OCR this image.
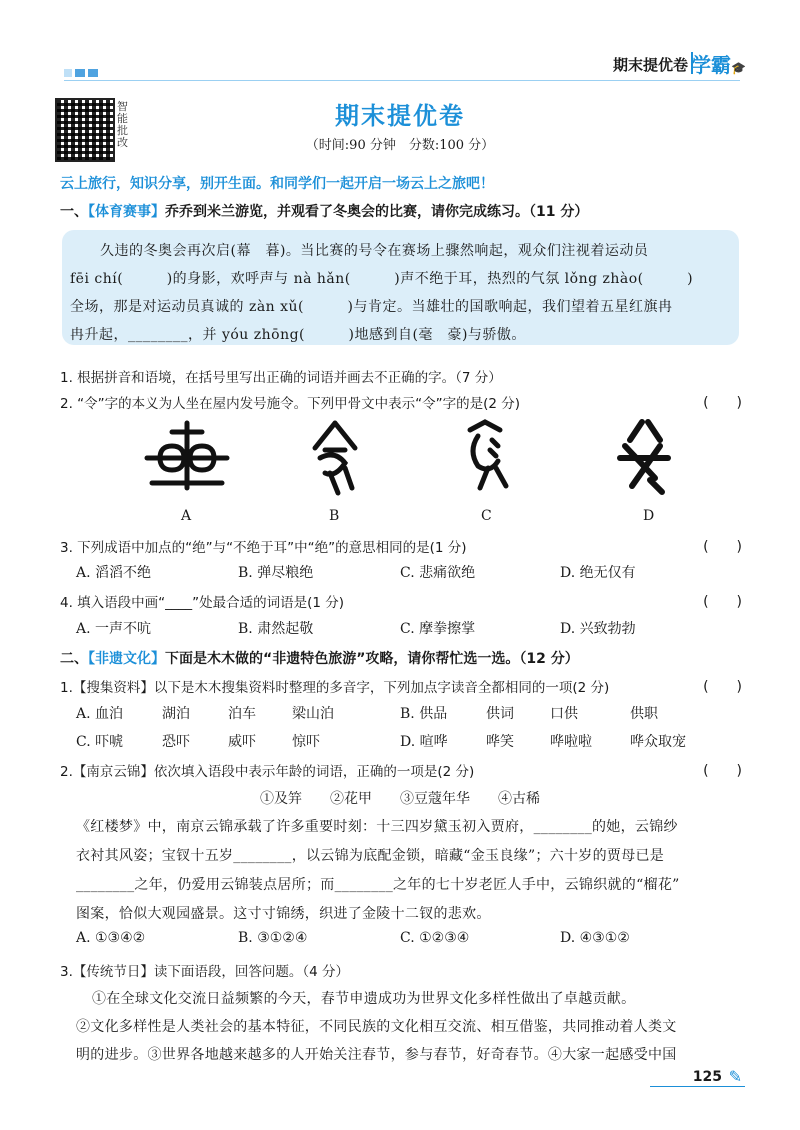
期末提优卷 学霸🎓
智能批改
期末提优卷
（时间:90 分钟　分数:100 分）
云上旅行，知识分享，别开生面。和同学们一起开启一场云上之旅吧！
一、【体育赛事】乔乔到米兰游览，并观看了冬奥会的比赛，请你完成练习。（11 分）
久违的冬奥会再次启(幕　暮)。当比赛的号令在赛场上骤然响起，观众们注视着运动员
fēi chí(　　　)的身影，欢呼声与 nà hǎn(　　　)声不绝于耳，热烈的气氛 lǒng zhào(　　　)
全场，那是对运动员真诚的 zàn xǔ(　　　)与肯定。当雄壮的国歌响起，我们望着五星红旗冉
冉升起，________，并 yóu zhōng(　　　)地感到自(毫　豪)与骄傲。
1. 根据拼音和语境，在括号里写出正确的词语并画去不正确的字。（7 分）
2. “令”字的本义为人坐在屋内发号施令。下列甲骨文中表示“令”字的是(2 分)	(　　)
A	B	C	D
3. 下列成语中加点的“绝”与“不绝于耳”中“绝”的意思相同的是(1 分)	(　　)
A. 滔滔不绝	B. 弹尽粮绝	C. 悲痛欲绝	D. 绝无仅有
4. 填入语段中画“____”处最合适的词语是(1 分)	(　　)
A. 一声不吭	B. 肃然起敬	C. 摩拳擦掌	D. 兴致勃勃
二、【非遗文化】下面是木木做的“非遗特色旅游”攻略，请你帮忙选一选。（12 分）
1.【搜集资料】以下是木木搜集资料时整理的多音字，下列加点字读音全都相同的一项(2 分)	(　　)
A. 血泊	湖泊	泊车	梁山泊	B. 供品	供词	口供	供职
C. 吓唬	恐吓	威吓	惊吓	D. 喧哗	哗笑	哗啦啦	哗众取宠
2.【南京云锦】依次填入语段中表示年龄的词语，正确的一项是(2 分)	(　　)
①及笄　　②花甲　　③豆蔻年华　　④古稀
《红楼梦》中，南京云锦承载了许多重要时刻：十三四岁黛玉初入贾府，________的她，云锦纱
衣衬其风姿；宝钗十五岁________，以云锦为底配金锁，暗藏“金玉良缘”；六十岁的贾母已是
________之年，仍爱用云锦装点居所；而________之年的七十岁老匠人手中，云锦织就的“榴花”
图案，恰似大观园盛景。这寸寸锦绣，织进了金陵十二钗的悲欢。
A. ①③④②	B. ③①②④	C. ①②③④	D. ④③①②
3.【传统节日】读下面语段，回答问题。（4 分）
①在全球文化交流日益频繁的今天，春节申遗成功为世界文化多样性做出了卓越贡献。
②文化多样性是人类社会的基本特征，不同民族的文化相互交流、相互借鉴，共同推动着人类文
明的进步。③世界各地越来越多的人开始关注春节，参与春节，好奇春节。④大家一起感受中国
125 ✎
